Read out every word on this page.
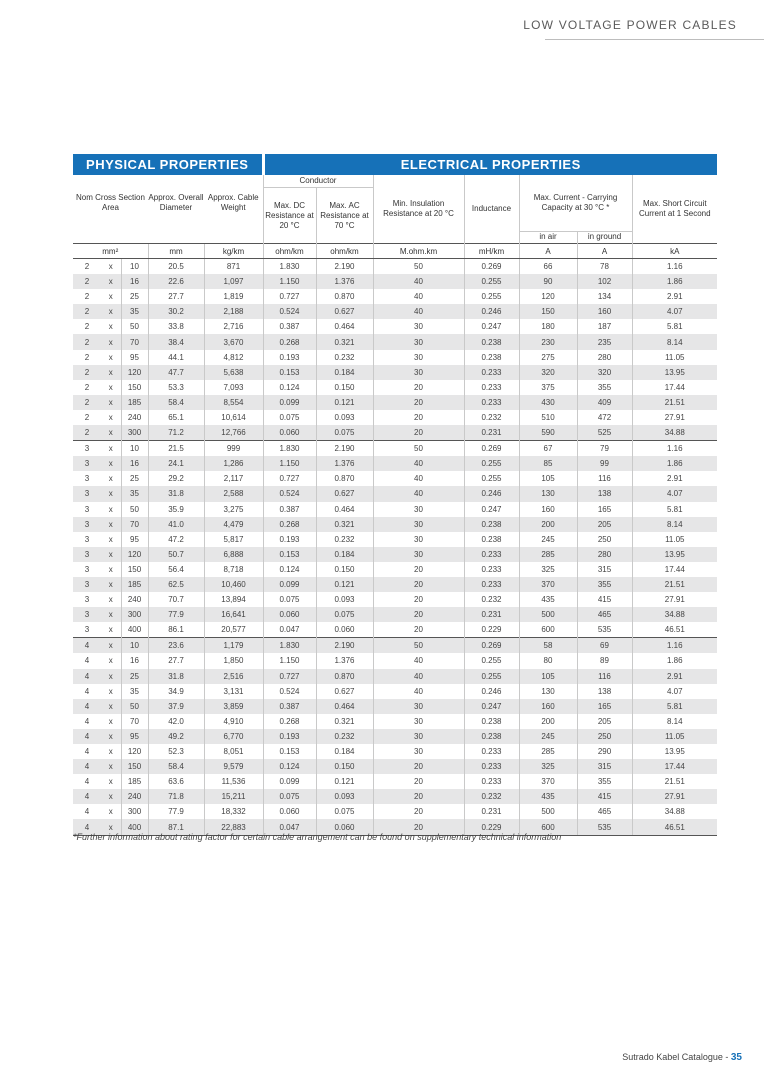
LOW VOLTAGE POWER CABLES
PHYSICAL PROPERTIES					ELECTRICAL PROPERTIES						
Nom Cross Section Area			Approx. Overall Diameter	Approx. Cable Weight	Conductor		Min. Insulation Resistance at 20 °C	Inductance	Max. Current - Carrying Capacity at 30 °C *		Max. Short Circuit Current at 1 Second
					Max. DC Resistance at 20 °C	Max. AC Resistance at 70 °C					
									in air	in ground	
mm²			mm	kg/km	ohm/km	ohm/km	M.ohm.km	mH/km	A	A	kA
2	x	10	20.5	871	1.830	2.190	50	0.269	66	78	1.16
2	x	16	22.6	1,097	1.150	1.376	40	0.255	90	102	1.86
2	x	25	27.7	1,819	0.727	0.870	40	0.255	120	134	2.91
2	x	35	30.2	2,188	0.524	0.627	40	0.246	150	160	4.07
2	x	50	33.8	2,716	0.387	0.464	30	0.247	180	187	5.81
2	x	70	38.4	3,670	0.268	0.321	30	0.238	230	235	8.14
2	x	95	44.1	4,812	0.193	0.232	30	0.238	275	280	11.05
2	x	120	47.7	5,638	0.153	0.184	30	0.233	320	320	13.95
2	x	150	53.3	7,093	0.124	0.150	20	0.233	375	355	17.44
2	x	185	58.4	8,554	0.099	0.121	20	0.233	430	409	21.51
2	x	240	65.1	10,614	0.075	0.093	20	0.232	510	472	27.91
2	x	300	71.2	12,766	0.060	0.075	20	0.231	590	525	34.88
3	x	10	21.5	999	1.830	2.190	50	0.269	67	79	1.16
3	x	16	24.1	1,286	1.150	1.376	40	0.255	85	99	1.86
3	x	25	29.2	2,117	0.727	0.870	40	0.255	105	116	2.91
3	x	35	31.8	2,588	0.524	0.627	40	0.246	130	138	4.07
3	x	50	35.9	3,275	0.387	0.464	30	0.247	160	165	5.81
3	x	70	41.0	4,479	0.268	0.321	30	0.238	200	205	8.14
3	x	95	47.2	5,817	0.193	0.232	30	0.238	245	250	11.05
3	x	120	50.7	6,888	0.153	0.184	30	0.233	285	280	13.95
3	x	150	56.4	8,718	0.124	0.150	20	0.233	325	315	17.44
3	x	185	62.5	10,460	0.099	0.121	20	0.233	370	355	21.51
3	x	240	70.7	13,894	0.075	0.093	20	0.232	435	415	27.91
3	x	300	77.9	16,641	0.060	0.075	20	0.231	500	465	34.88
3	x	400	86.1	20,577	0.047	0.060	20	0.229	600	535	46.51
4	x	10	23.6	1,179	1.830	2.190	50	0.269	58	69	1.16
4	x	16	27.7	1,850	1.150	1.376	40	0.255	80	89	1.86
4	x	25	31.8	2,516	0.727	0.870	40	0.255	105	116	2.91
4	x	35	34.9	3,131	0.524	0.627	40	0.246	130	138	4.07
4	x	50	37.9	3,859	0.387	0.464	30	0.247	160	165	5.81
4	x	70	42.0	4,910	0.268	0.321	30	0.238	200	205	8.14
4	x	95	49.2	6,770	0.193	0.232	30	0.238	245	250	11.05
4	x	120	52.3	8,051	0.153	0.184	30	0.233	285	290	13.95
4	x	150	58.4	9,579	0.124	0.150	20	0.233	325	315	17.44
4	x	185	63.6	11,536	0.099	0.121	20	0.233	370	355	21.51
4	x	240	71.8	15,211	0.075	0.093	20	0.232	435	415	27.91
4	x	300	77.9	18,332	0.060	0.075	20	0.231	500	465	34.88
4	x	400	87.1	22,883	0.047	0.060	20	0.229	600	535	46.51
*Further information about rating factor for certain cable arrangement can be found on supplementary technical information
Sutrado Kabel Catalogue - 35
